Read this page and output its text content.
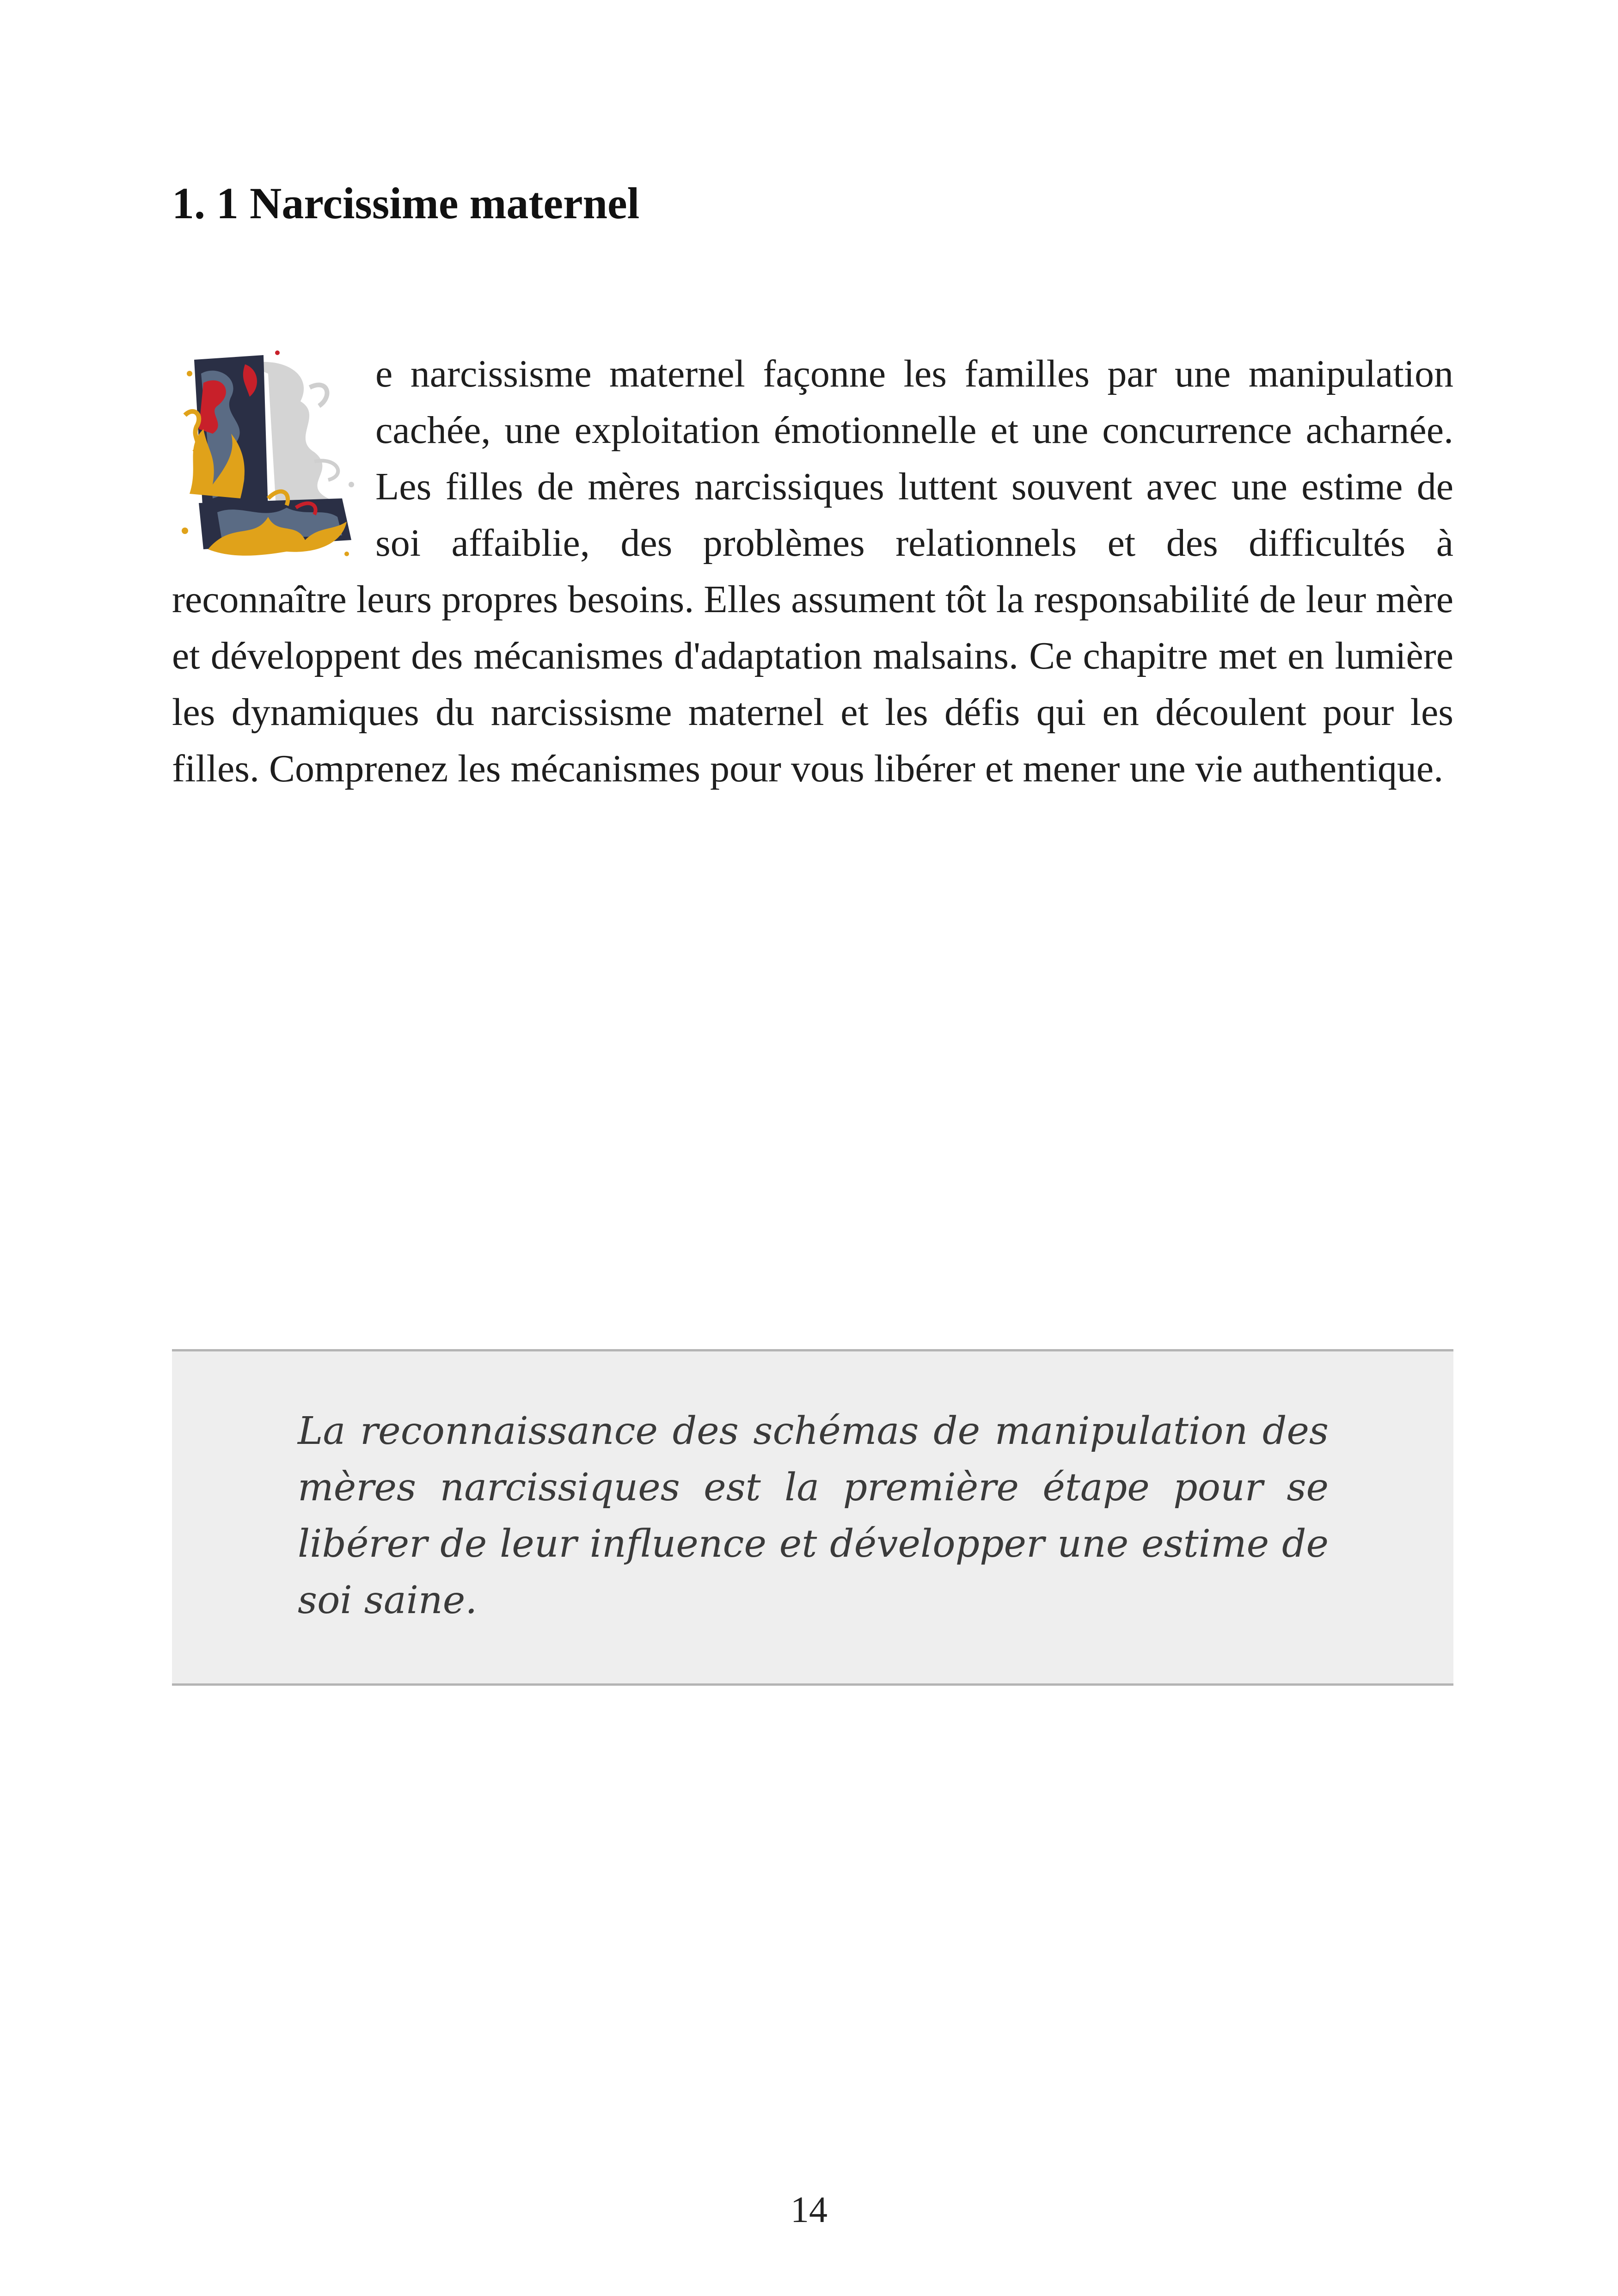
1. 1 Narcissime maternel

e narcissisme maternel façonne les familles par une manipulation cachée, une exploitation émotionnelle et une concurrence acharnée. Les filles de mères narcissiques luttent souvent avec une estime de soi affaiblie, des problèmes relationnels et des difficultés à reconnaître leurs propres besoins. Elles assument tôt la responsabilité de leur mère et développent des mécanismes d'adaptation malsains. Ce chapitre met en lumière les dynamiques du narcissisme maternel et les défis qui en découlent pour les filles. Comprenez les mécanismes pour vous libérer et mener une vie authentique.

La reconnaissance des schémas de manipulation des mères narcissiques est la première étape pour se libérer de leur influence et développer une estime de soi saine.

14
